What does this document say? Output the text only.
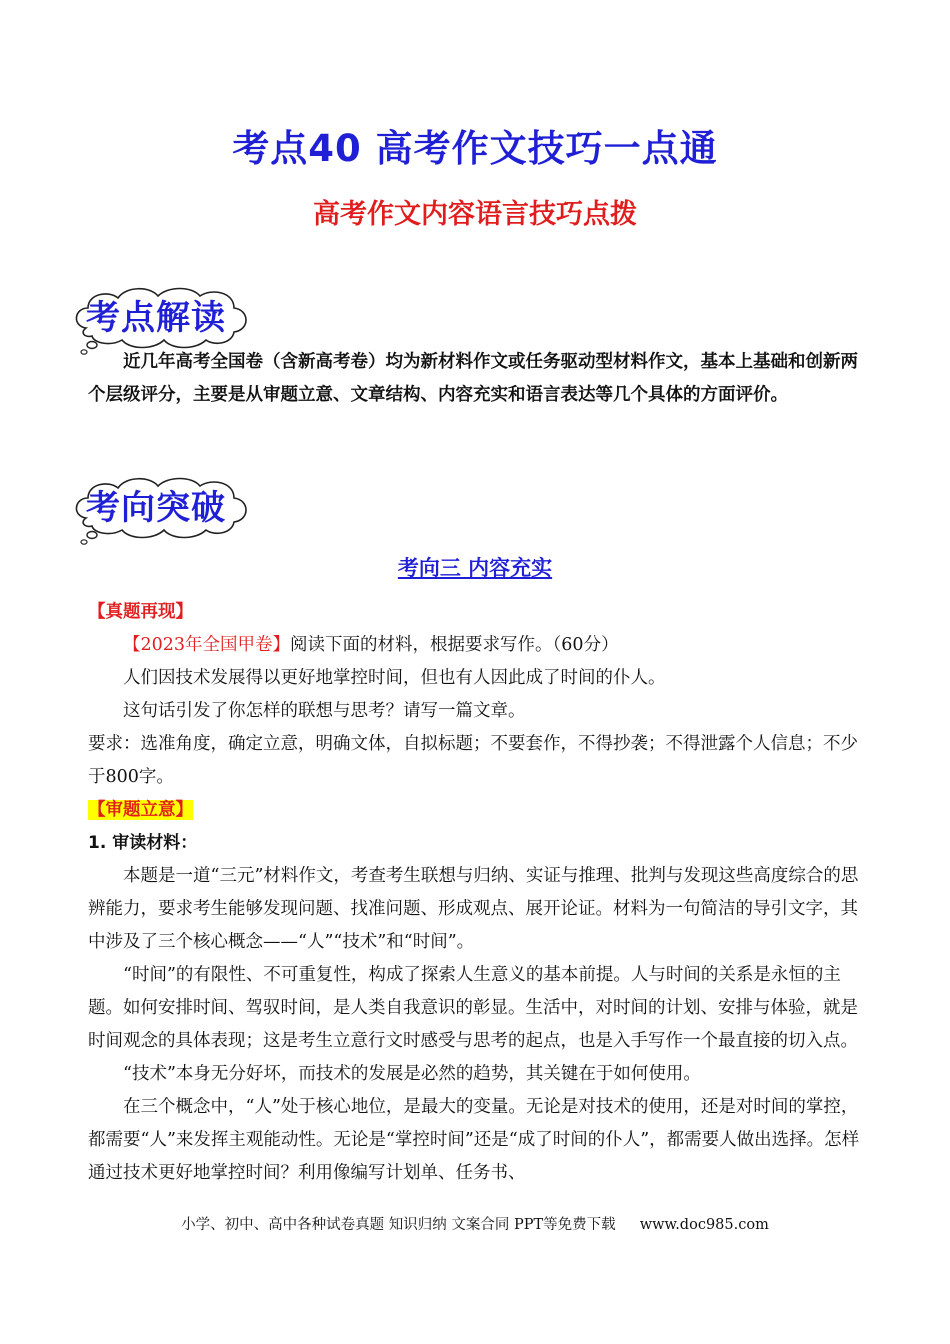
考点40 高考作文技巧一点通
高考作文内容语言技巧点拨
考点解读

近几年高考全国卷（含新高考卷）均为新材料作文或任务驱动型材料作文，基本上基础和创新两个层级评分，主要是从审题立意、文章结构、内容充实和语言表达等几个具体的方面评价。

考向突破
考向三 内容充实

【真题再现】

【2023年全国甲卷】阅读下面的材料，根据要求写作。（60分）

人们因技术发展得以更好地掌控时间，但也有人因此成了时间的仆人。

这句话引发了你怎样的联想与思考？请写一篇文章。

要求：选准角度，确定立意，明确文体，自拟标题；不要套作，不得抄袭；不得泄露个人信息；不少于800字。

【审题立意】

1. 审读材料：

本题是一道“三元”材料作文，考查考生联想与归纳、实证与推理、批判与发现这些高度综合的思辨能力，要求考生能够发现问题、找准问题、形成观点、展开论证。材料为一句简洁的导引文字，其中涉及了三个核心概念——“人”“技术”和“时间”。

“时间”的有限性、不可重复性，构成了探索人生意义的基本前提。人与时间的关系是永恒的主题。如何安排时间、驾驭时间，是人类自我意识的彰显。生活中，对时间的计划、安排与体验，就是时间观念的具体表现；这是考生立意行文时感受与思考的起点，也是入手写作一个最直接的切入点。

“技术”本身无分好坏，而技术的发展是必然的趋势，其关键在于如何使用。

在三个概念中，“人”处于核心地位，是最大的变量。无论是对技术的使用，还是对时间的掌控，都需要“人”来发挥主观能动性。无论是“掌控时间”还是“成了时间的仆人”，都需要人做出选择。怎样通过技术更好地掌控时间？利用像编写计划单、任务书、

小学、初中、高中各种试卷真题 知识归纳 文案合同 PPT等免费下载 www.doc985.com
